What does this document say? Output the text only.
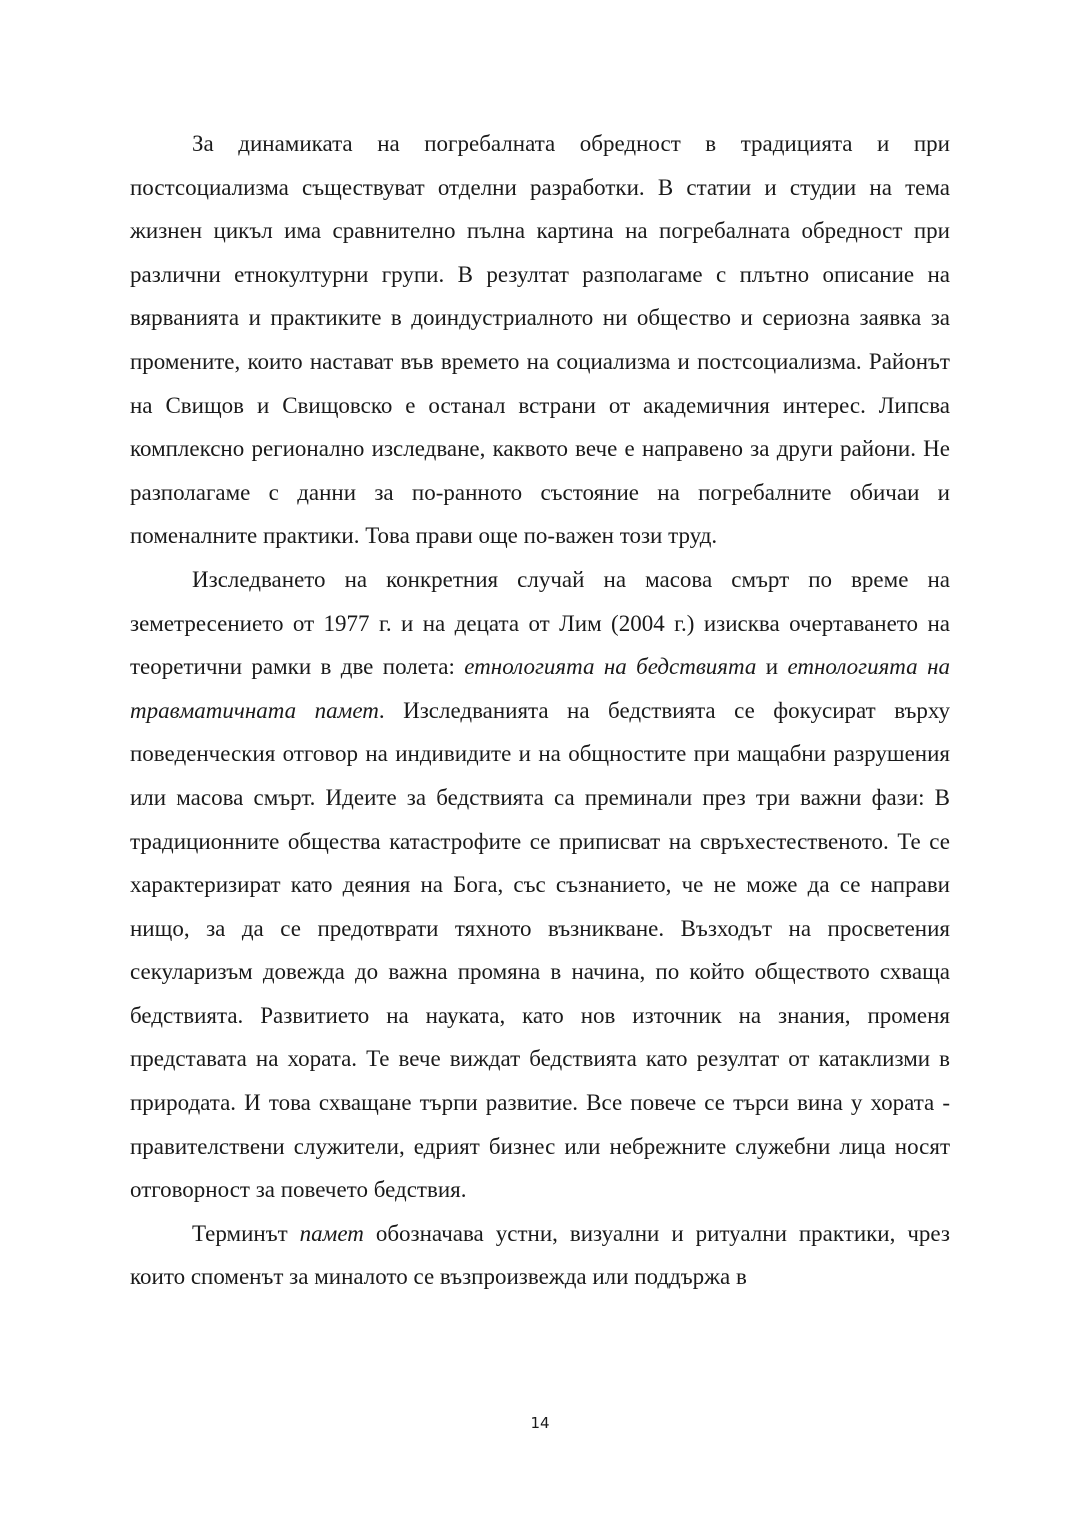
За динамиката на погребалната обредност в традицията и при постсоциализма съществуват отделни разработки. В статии и студии на тема жизнен цикъл има сравнително пълна картина на погребалната обредност при различни етнокултурни групи. В резултат разполагаме с плътно описание на вярванията и практиките в доиндустриалното ни общество и сериозна заявка за промените, които настават във времето на социализма и постсоциализма. Районът на Свищов и Свищовско е останал встрани от академичния интерес. Липсва комплексно регионално изследване, каквото вече е направено за други райони. Не разполагаме с данни за по-ранното състояние на погребалните обичаи и поменалните практики. Това прави още по-важен този труд.

Изследването на конкретния случай на масова смърт по време на земетресението от 1977 г. и на децата от Лим (2004 г.) изисква очертаването на теоретични рамки в две полета: етнологията на бедствията и етнологията на травматичната памет. Изследванията на бедствията се фокусират върху поведенческия отговор на индивидите и на общностите при мащабни разрушения или масова смърт. Идеите за бедствията са преминали през три важни фази: В традиционните общества катастрофите се приписват на свръхестественото. Те се характеризират като деяния на Бога, със съзнанието, че не може да се направи нищо, за да се предотврати тяхното възникване. Възходът на просветения секуларизъм довежда до важна промяна в начина, по който обществото схваща бедствията. Развитието на науката, като нов източник на знания, променя представата на хората. Те вече виждат бедствията като резултат от катаклизми в природата. И това схващане търпи развитие. Все повече се търси вина у хората - правителствени служители, едрият бизнес или небрежните служебни лица носят отговорност за повечето бедствия.

Терминът памет обозначава устни, визуални и ритуални практики, чрез които споменът за миналото се възпроизвежда или поддържа в

14
